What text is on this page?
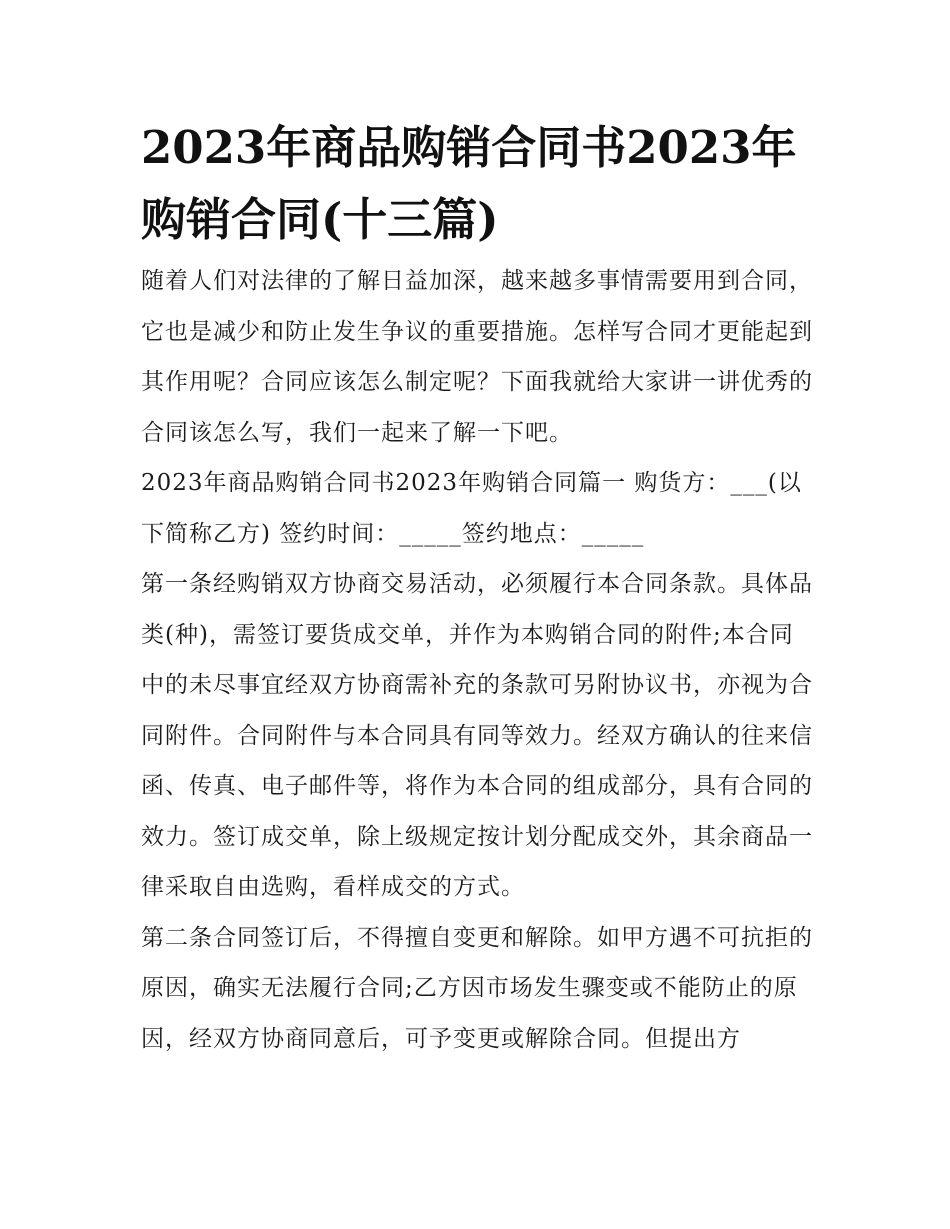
2023年商品购销合同书2023年购销合同(十三篇)

随着人们对法律的了解日益加深，越来越多事情需要用到合同，它也是减少和防止发生争议的重要措施。怎样写合同才更能起到其作用呢？合同应该怎么制定呢？下面我就给大家讲一讲优秀的合同该怎么写，我们一起来了解一下吧。

2023年商品购销合同书2023年购销合同篇一 购货方：___(以下简称乙方) 签约时间：_____签约地点：_____

第一条经购销双方协商交易活动，必须履行本合同条款。具体品类(种)，需签订要货成交单，并作为本购销合同的附件;本合同中的未尽事宜经双方协商需补充的条款可另附协议书，亦视为合同附件。合同附件与本合同具有同等效力。经双方确认的往来信函、传真、电子邮件等，将作为本合同的组成部分，具有合同的效力。签订成交单，除上级规定按计划分配成交外，其余商品一律采取自由选购，看样成交的方式。

第二条合同签订后，不得擅自变更和解除。如甲方遇不可抗拒的原因，确实无法履行合同;乙方因市场发生骤变或不能防止的原因，经双方协商同意后，可予变更或解除合同。但提出方
